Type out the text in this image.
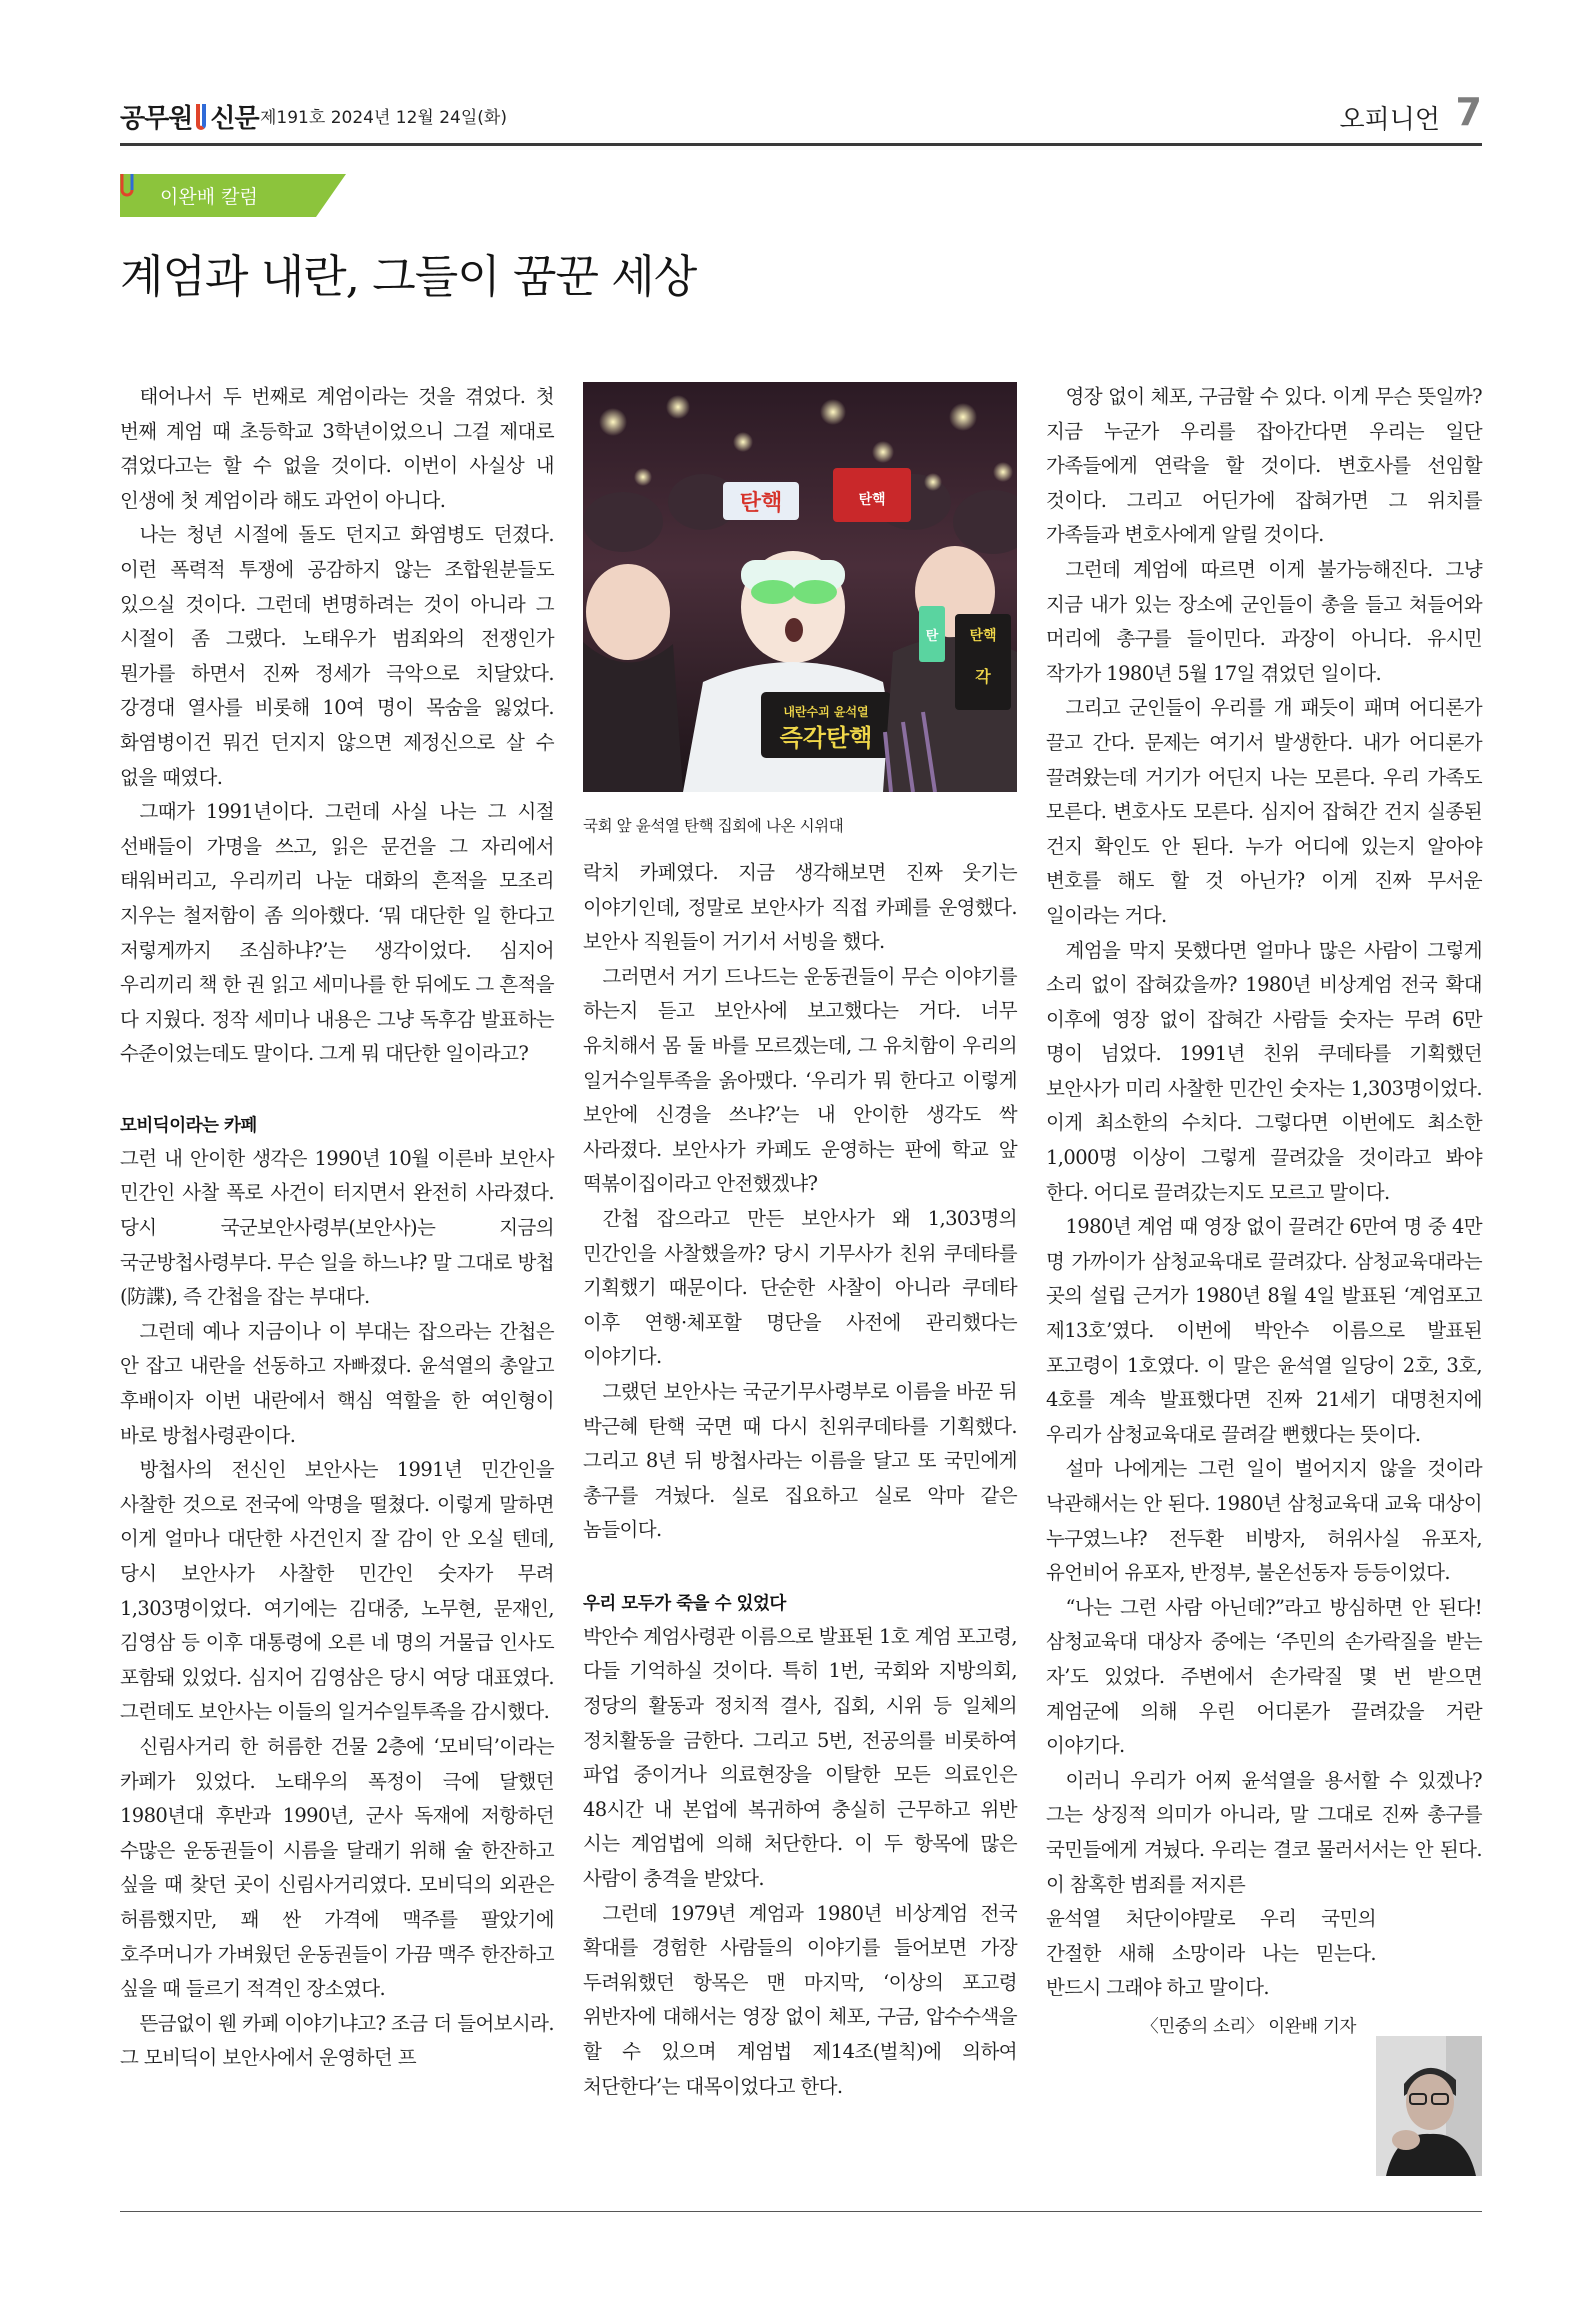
공무원 신문 제191호 2024년 12월 24일(화)	오피니언 7
이완배 칼럼
계엄과 내란, 그들이 꿈꾼 세상

태어나서 두 번째로 계엄이라는 것을 겪었다. 첫 번째 계엄 때 초등학교 3학년이었으니 그걸 제대로 겪었다고는 할 수 없을 것이다. 이번이 사실상 내 인생에 첫 계엄이라 해도 과언이 아니다.

나는 청년 시절에 돌도 던지고 화염병도 던졌다. 이런 폭력적 투쟁에 공감하지 않는 조합원분들도 있으실 것이다. 그런데 변명하려는 것이 아니라 그 시절이 좀 그랬다. 노태우가 범죄와의 전쟁인가 뭔가를 하면서 진짜 정세가 극악으로 치달았다. 강경대 열사를 비롯해 10여 명이 목숨을 잃었다. 화염병이건 뭐건 던지지 않으면 제정신으로 살 수 없을 때였다.

그때가 1991년이다. 그런데 사실 나는 그 시절 선배들이 가명을 쓰고, 읽은 문건을 그 자리에서 태워버리고, 우리끼리 나눈 대화의 흔적을 모조리 지우는 철저함이 좀 의아했다. ‘뭐 대단한 일 한다고 저렇게까지 조심하냐?’는 생각이었다. 심지어 우리끼리 책 한 권 읽고 세미나를 한 뒤에도 그 흔적을 다 지웠다. 정작 세미나 내용은 그냥 독후감 발표하는 수준이었는데도 말이다. 그게 뭐 대단한 일이라고?

모비딕이라는 카페

그런 내 안이한 생각은 1990년 10월 이른바 보안사 민간인 사찰 폭로 사건이 터지면서 완전히 사라졌다. 당시 국군보안사령부(보안사)는 지금의 국군방첩사령부다. 무슨 일을 하느냐? 말 그대로 방첩(防諜), 즉 간첩을 잡는 부대다.

그런데 예나 지금이나 이 부대는 잡으라는 간첩은 안 잡고 내란을 선동하고 자빠졌다. 윤석열의 총알고 후배이자 이번 내란에서 핵심 역할을 한 여인형이 바로 방첩사령관이다.

방첩사의 전신인 보안사는 1991년 민간인을 사찰한 것으로 전국에 악명을 떨쳤다. 이렇게 말하면 이게 얼마나 대단한 사건인지 잘 감이 안 오실 텐데, 당시 보안사가 사찰한 민간인 숫자가 무려 1,303명이었다. 여기에는 김대중, 노무현, 문재인, 김영삼 등 이후 대통령에 오른 네 명의 거물급 인사도 포함돼 있었다. 심지어 김영삼은 당시 여당 대표였다. 그런데도 보안사는 이들의 일거수일투족을 감시했다.

신림사거리 한 허름한 건물 2층에 ‘모비딕’이라는 카페가 있었다. 노태우의 폭정이 극에 달했던 1980년대 후반과 1990년, 군사 독재에 저항하던 수많은 운동권들이 시름을 달래기 위해 술 한잔하고 싶을 때 찾던 곳이 신림사거리였다. 모비딕의 외관은 허름했지만, 꽤 싼 가격에 맥주를 팔았기에 호주머니가 가벼웠던 운동권들이 가끔 맥주 한잔하고 싶을 때 들르기 적격인 장소였다.

뜬금없이 웬 카페 이야기냐고? 조금 더 들어보시라. 그 모비딕이 보안사에서 운영하던 프

탄핵	탄핵
내란수괴 윤석열
즉각탄핵
탄 탄핵
각
국회 앞 윤석열 탄핵 집회에 나온 시위대

락치 카페였다. 지금 생각해보면 진짜 웃기는 이야기인데, 정말로 보안사가 직접 카페를 운영했다. 보안사 직원들이 거기서 서빙을 했다.

그러면서 거기 드나드는 운동권들이 무슨 이야기를 하는지 듣고 보안사에 보고했다는 거다. 너무 유치해서 몸 둘 바를 모르겠는데, 그 유치함이 우리의 일거수일투족을 옭아맸다. ‘우리가 뭐 한다고 이렇게 보안에 신경을 쓰냐?’는 내 안이한 생각도 싹 사라졌다. 보안사가 카페도 운영하는 판에 학교 앞 떡볶이집이라고 안전했겠냐?

간첩 잡으라고 만든 보안사가 왜 1,303명의 민간인을 사찰했을까? 당시 기무사가 친위 쿠데타를 기획했기 때문이다. 단순한 사찰이 아니라 쿠데타 이후 연행·체포할 명단을 사전에 관리했다는 이야기다.

그랬던 보안사는 국군기무사령부로 이름을 바꾼 뒤 박근혜 탄핵 국면 때 다시 친위쿠데타를 기획했다. 그리고 8년 뒤 방첩사라는 이름을 달고 또 국민에게 총구를 겨눴다. 실로 집요하고 실로 악마 같은 놈들이다.

우리 모두가 죽을 수 있었다

박안수 계엄사령관 이름으로 발표된 1호 계엄 포고령, 다들 기억하실 것이다. 특히 1번, 국회와 지방의회, 정당의 활동과 정치적 결사, 집회, 시위 등 일체의 정치활동을 금한다. 그리고 5번, 전공의를 비롯하여 파업 중이거나 의료현장을 이탈한 모든 의료인은 48시간 내 본업에 복귀하여 충실히 근무하고 위반 시는 계엄법에 의해 처단한다. 이 두 항목에 많은 사람이 충격을 받았다.

그런데 1979년 계엄과 1980년 비상계엄 전국 확대를 경험한 사람들의 이야기를 들어보면 가장 두려워했던 항목은 맨 마지막, ‘이상의 포고령 위반자에 대해서는 영장 없이 체포, 구금, 압수수색을 할 수 있으며 계엄법 제14조(벌칙)에 의하여 처단한다’는 대목이었다고 한다.

영장 없이 체포, 구금할 수 있다. 이게 무슨 뜻일까? 지금 누군가 우리를 잡아간다면 우리는 일단 가족들에게 연락을 할 것이다. 변호사를 선임할 것이다. 그리고 어딘가에 잡혀가면 그 위치를 가족들과 변호사에게 알릴 것이다.

그런데 계엄에 따르면 이게 불가능해진다. 그냥 지금 내가 있는 장소에 군인들이 총을 들고 쳐들어와 머리에 총구를 들이민다. 과장이 아니다. 유시민 작가가 1980년 5월 17일 겪었던 일이다.

그리고 군인들이 우리를 개 패듯이 패며 어디론가 끌고 간다. 문제는 여기서 발생한다. 내가 어디론가 끌려왔는데 거기가 어딘지 나는 모른다. 우리 가족도 모른다. 변호사도 모른다. 심지어 잡혀간 건지 실종된 건지 확인도 안 된다. 누가 어디에 있는지 알아야 변호를 해도 할 것 아닌가? 이게 진짜 무서운 일이라는 거다.

계엄을 막지 못했다면 얼마나 많은 사람이 그렇게 소리 없이 잡혀갔을까? 1980년 비상계엄 전국 확대 이후에 영장 없이 잡혀간 사람들 숫자는 무려 6만 명이 넘었다. 1991년 친위 쿠데타를 기획했던 보안사가 미리 사찰한 민간인 숫자는 1,303명이었다. 이게 최소한의 수치다. 그렇다면 이번에도 최소한 1,000명 이상이 그렇게 끌려갔을 것이라고 봐야 한다. 어디로 끌려갔는지도 모르고 말이다.

1980년 계엄 때 영장 없이 끌려간 6만여 명 중 4만 명 가까이가 삼청교육대로 끌려갔다. 삼청교육대라는 곳의 설립 근거가 1980년 8월 4일 발표된 ‘계엄포고 제13호’였다. 이번에 박안수 이름으로 발표된 포고령이 1호였다. 이 말은 윤석열 일당이 2호, 3호, 4호를 계속 발표했다면 진짜 21세기 대명천지에 우리가 삼청교육대로 끌려갈 뻔했다는 뜻이다.

설마 나에게는 그런 일이 벌어지지 않을 것이라 낙관해서는 안 된다. 1980년 삼청교육대 교육 대상이 누구였느냐? 전두환 비방자, 허위사실 유포자, 유언비어 유포자, 반정부, 불온선동자 등등이었다.

“나는 그런 사람 아닌데?”라고 방심하면 안 된다! 삼청교육대 대상자 중에는 ‘주민의 손가락질을 받는 자’도 있었다. 주변에서 손가락질 몇 번 받으면 계엄군에 의해 우린 어디론가 끌려갔을 거란 이야기다.

이러니 우리가 어찌 윤석열을 용서할 수 있겠나? 그는 상징적 의미가 아니라, 말 그대로 진짜 총구를 국민들에게 겨눴다. 우리는 결코 물러서서는 안 된다. 이 참혹한 범죄를 저지른

윤석열 처단이야말로 우리 국민의 간절한 새해 소망이라 나는 믿는다. 반드시 그래야 하고 말이다.

〈민중의 소리〉 이완배 기자
